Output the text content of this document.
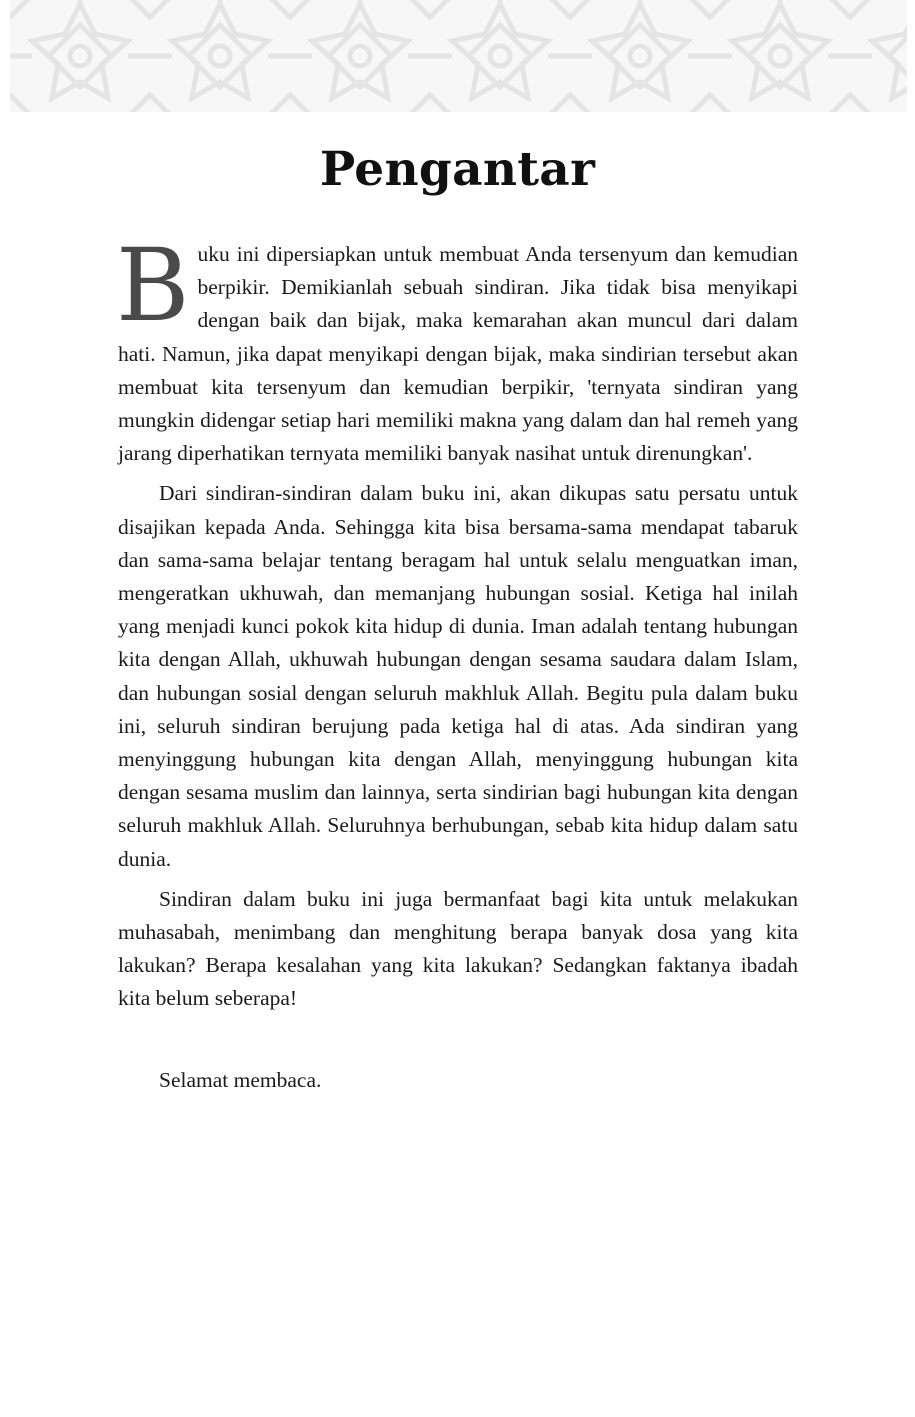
Pengantar

Buku ini dipersiapkan untuk membuat Anda tersenyum dan kemudian berpikir. Demikianlah sebuah sindiran. Jika tidak bisa menyikapi dengan baik dan bijak, maka kemarahan akan muncul dari dalam hati. Namun, jika dapat menyikapi dengan bijak, maka sindirian tersebut akan membuat kita tersenyum dan kemudian berpikir, 'ternyata sindiran yang mungkin didengar setiap hari memiliki makna yang dalam dan hal remeh yang jarang diperhatikan ternyata memiliki banyak nasihat untuk direnungkan'.

Dari sindiran-sindiran dalam buku ini, akan dikupas satu persatu untuk disajikan kepada Anda. Sehingga kita bisa bersama-sama mendapat tabaruk dan sama-sama belajar tentang beragam hal untuk selalu menguatkan iman, mengeratkan ukhuwah, dan memanjang hubungan sosial. Ketiga hal inilah yang menjadi kunci pokok kita hidup di dunia. Iman adalah tentang hubungan kita dengan Allah, ukhuwah hubungan dengan sesama saudara dalam Islam, dan hubungan sosial dengan seluruh makhluk Allah. Begitu pula dalam buku ini, seluruh sindiran berujung pada ketiga hal di atas. Ada sindiran yang menyinggung hubungan kita dengan Allah, menyinggung hubungan kita dengan sesama muslim dan lainnya, serta sindirian bagi hubungan kita dengan seluruh makhluk Allah. Seluruhnya berhubungan, sebab kita hidup dalam satu dunia.

Sindiran dalam buku ini juga bermanfaat bagi kita untuk melakukan muhasabah, menimbang dan menghitung berapa banyak dosa yang kita lakukan? Berapa kesalahan yang kita lakukan? Sedangkan faktanya ibadah kita belum seberapa!

Selamat membaca.
